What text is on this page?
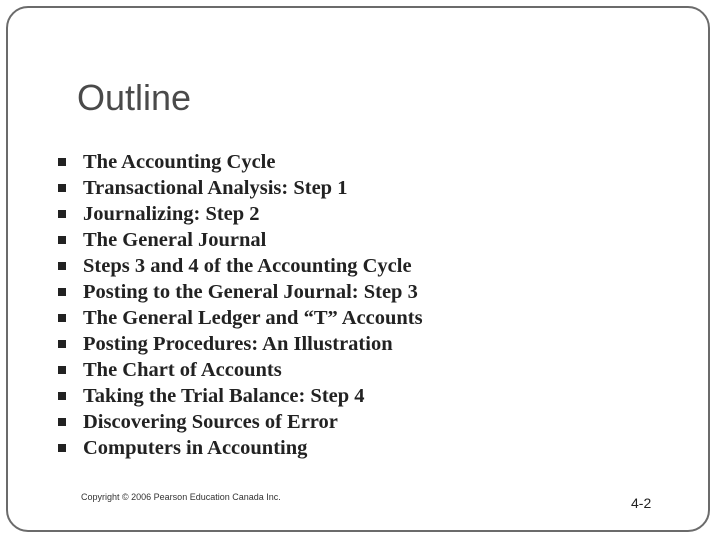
Outline
The Accounting Cycle
Transactional Analysis: Step 1
Journalizing: Step 2
The General Journal
Steps 3 and 4 of the Accounting Cycle
Posting to the General Journal: Step 3
The General Ledger and “T” Accounts
Posting Procedures: An Illustration
The Chart of Accounts
Taking the Trial Balance: Step 4
Discovering Sources of Error
Computers in Accounting
Copyright © 2006 Pearson Education Canada Inc.	4-2
